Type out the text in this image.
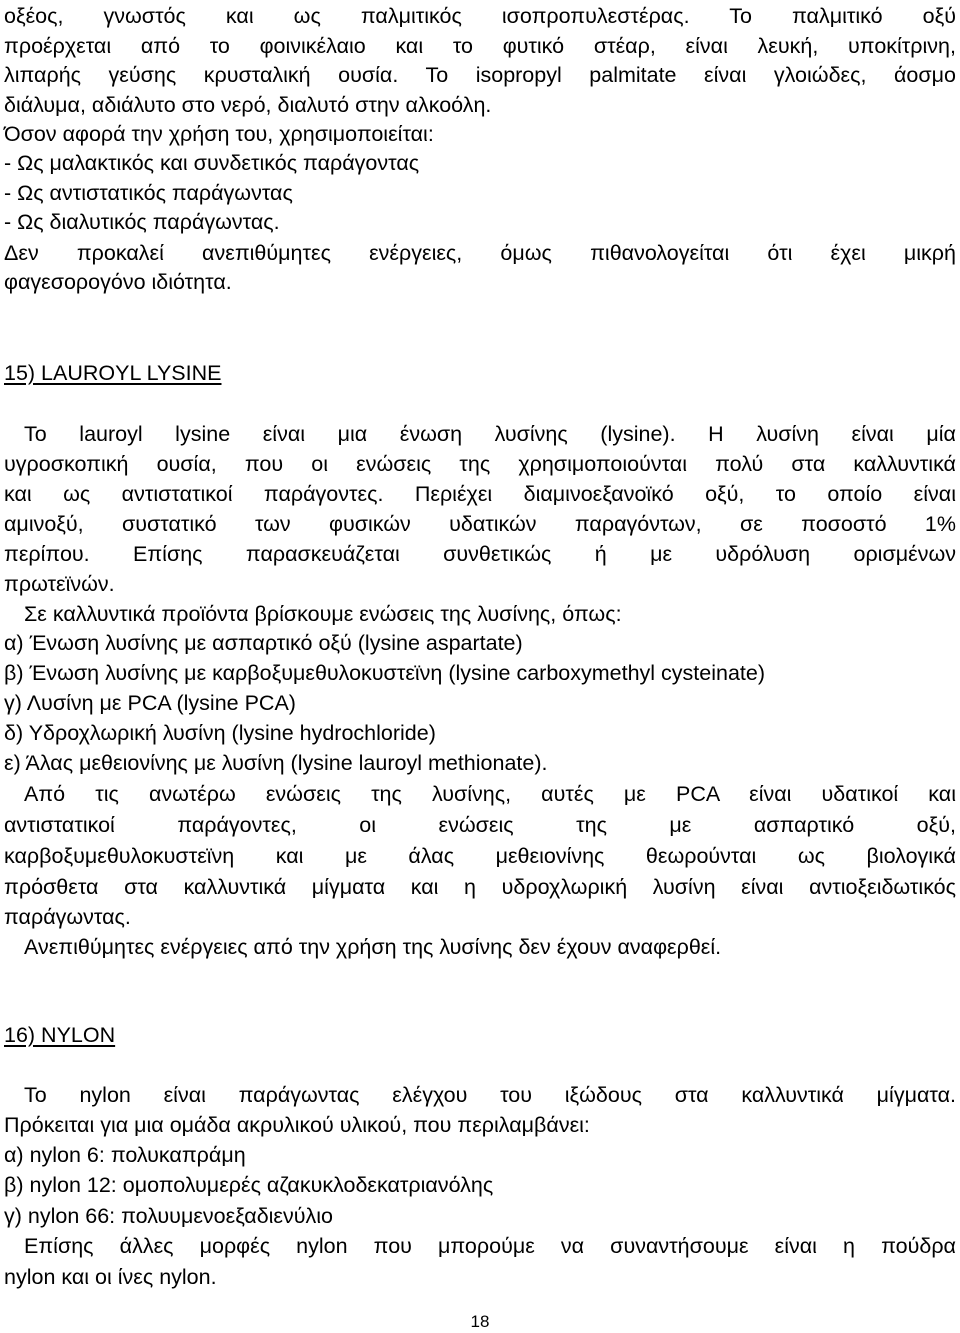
οξέος, γνωστός και ως παλμιτικός ισοπροπυλεστέρας. Το παλμιτικό οξύ
προέρχεται από το φοινικέλαιο και το φυτικό στέαρ, είναι λευκή, υποκίτρινη,
λιπαρής γεύσης κρυσταλική ουσία. Το isopropyl palmitate είναι γλοιώδες, άοσμο
διάλυμα, αδιάλυτο στο νερό, διαλυτό στην αλκοόλη.
Όσον αφορά την χρήση του, χρησιμοποιείται:
- Ως μαλακτικός και συνδετικός παράγοντας
- Ως αντιστατικός παράγωντας
- Ως διαλυτικός παράγωντας.
Δεν προκαλεί ανεπιθύμητες ενέργειες, όμως πιθανολογείται ότι έχει μικρή
φαγεσορογόνο ιδιότητα.
15) LAUROYL LYSINE
Το lauroyl lysine είναι μια ένωση λυσίνης (lysine). Η λυσίνη είναι μία
υγροσκοπική ουσία, που οι ενώσεις της χρησιμοποιούνται πολύ στα καλλυντικά
και ως αντιστατικοί παράγοντες. Περιέχει διαμινοεξανοϊκό οξύ, το οποίο είναι
αμινοξύ, συστατικό των φυσικών υδατικών παραγόντων, σε ποσοστό 1%
περίπου. Επίσης παρασκευάζεται συνθετικώς ή με υδρόλυση ορισμένων
πρωτεϊνών.
Σε καλλυντικά προϊόντα βρίσκουμε ενώσεις της λυσίνης, όπως:
α) Ένωση λυσίνης με ασπαρτικό οξύ (lysine aspartate)
β) Ένωση λυσίνης με καρβοξυμεθυλοκυστεϊνη (lysine carboxymethyl cysteinate)
γ) Λυσίνη με PCA (lysine PCA)
δ) Υδροχλωρική λυσίνη (lysine hydrochloride)
ε) Άλας μεθειονίνης με λυσίνη (lysine lauroyl methionate).
Από τις ανωτέρω ενώσεις της λυσίνης, αυτές με PCA είναι υδατικοί και
αντιστατικοί παράγοντες, οι ενώσεις της με ασπαρτικό οξύ,
καρβοξυμεθυλοκυστεϊνη και με άλας μεθειονίνης θεωρούνται ως βιολογικά
πρόσθετα στα καλλυντικά μίγματα και η υδροχλωρική λυσίνη είναι αντιοξειδωτικός
παράγωντας.
Ανεπιθύμητες ενέργειες από την χρήση της λυσίνης δεν έχουν αναφερθεί.
16) NYLON
Το nylon είναι παράγωντας ελέγχου του ιξώδους στα καλλυντικά μίγματα.
Πρόκειται για μια ομάδα ακρυλικού υλικού, που περιλαμβάνει:
α) nylon 6: πολυκαπράμη
β) nylon 12: ομοπολυμερές αζακυκλοδεκατριανόλης
γ) nylon 66: πολυυμενοεξαδιενύλιο
Επίσης άλλες μορφές nylon που μπορούμε να συναντήσουμε είναι η πούδρα
nylon και οι ίνες nylon.
18
